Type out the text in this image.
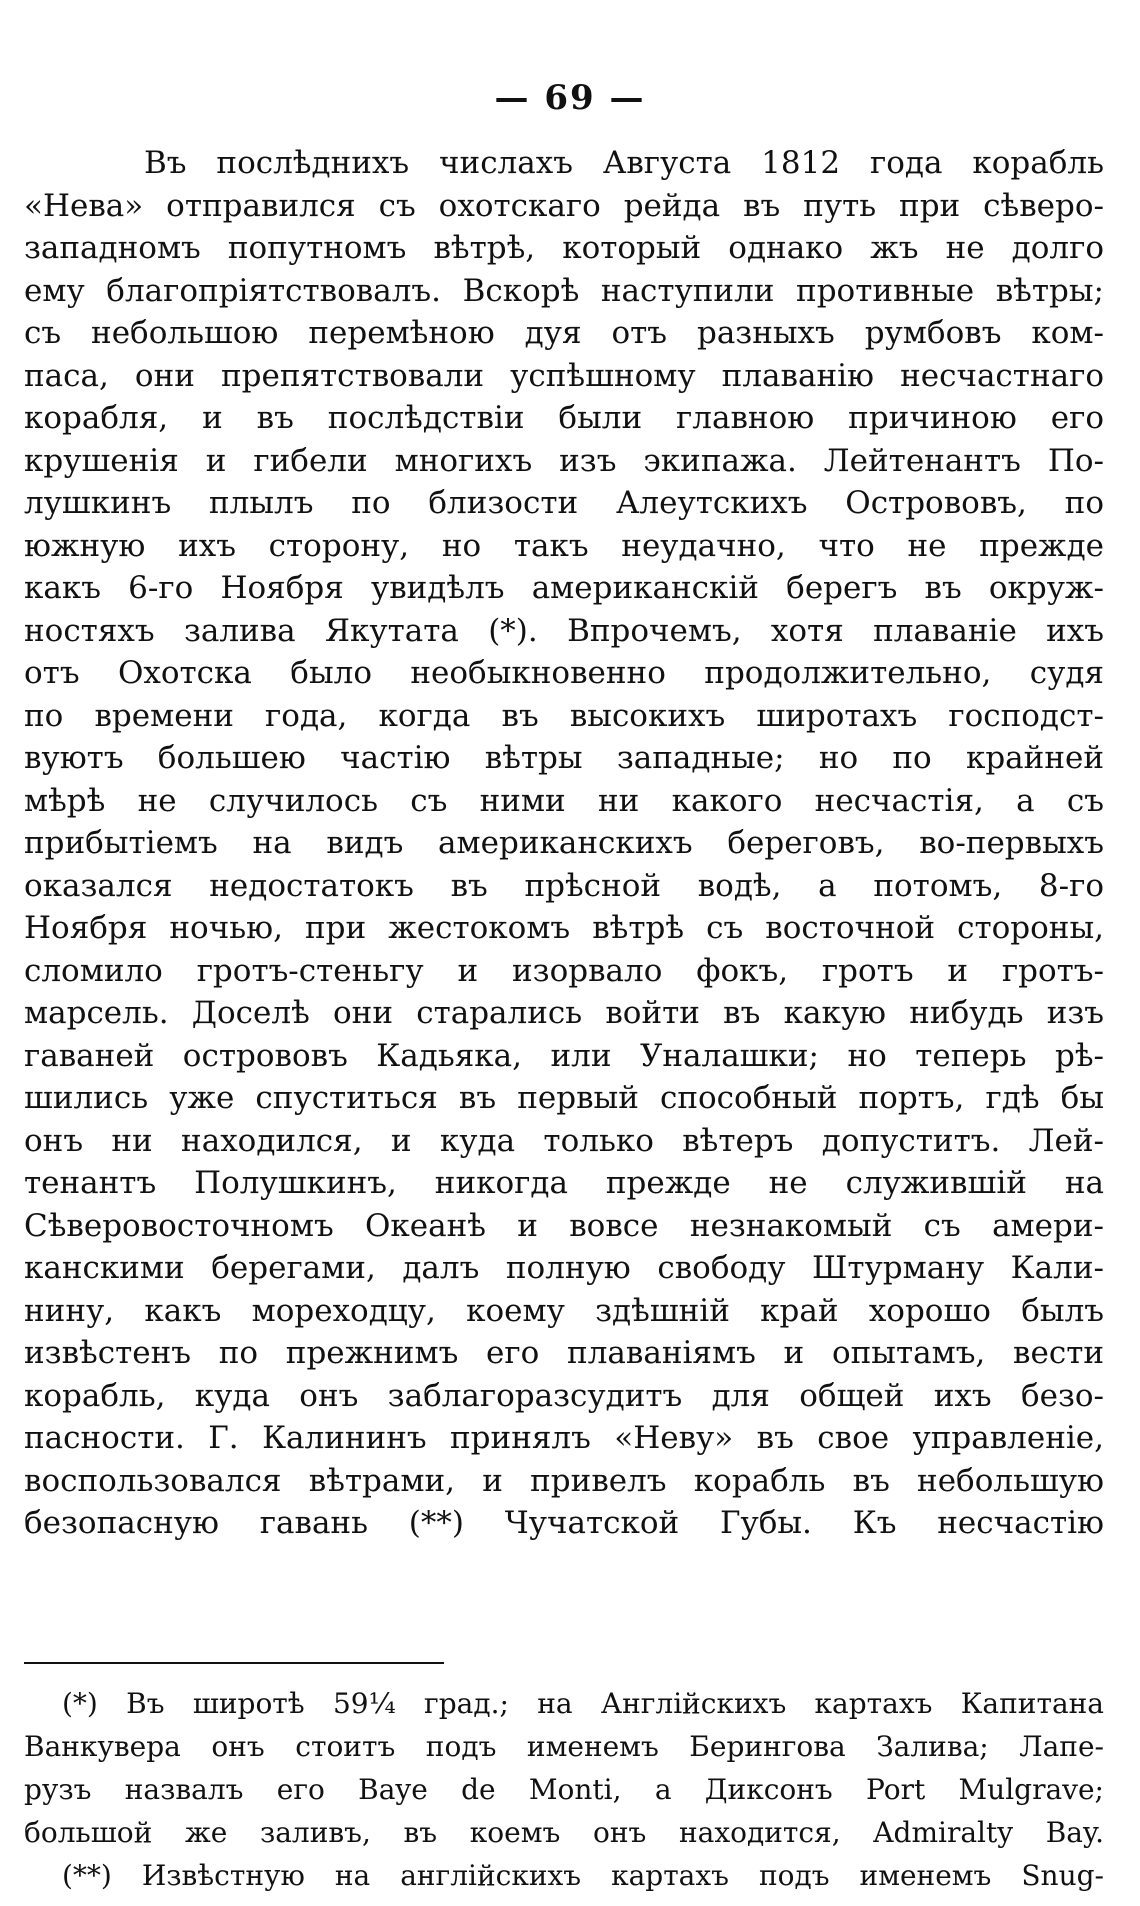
— 69 —
Въ послѣднихъ числахъ Августа 1812 года корабль
«Нева» отправился съ охотскаго рейда въ путь при сѣверо-
западномъ попутномъ вѣтрѣ, который однако жъ не долго
ему благопріятствовалъ. Вскорѣ наступили противные вѣтры;
съ небольшою перемѣною дуя отъ разныхъ румбовъ ком-
паса, они препятствовали успѣшному плаванію несчастнаго
корабля, и въ послѣдствіи были главною причиною его
крушенія и гибели многихъ изъ экипажа. Лейтенантъ По-
лушкинъ плылъ по близости Алеутскихъ Острововъ, по
южную ихъ сторону, но такъ неудачно, что не прежде
какъ 6-го Ноября увидѣлъ американскій берегъ въ окруж-
ностяхъ залива Якутата (*). Впрочемъ, хотя плаваніе ихъ
отъ Охотска было необыкновенно продолжительно, судя
по времени года, когда въ высокихъ широтахъ господст-
вуютъ большею частію вѣтры западные; но по крайней
мѣрѣ не случилось съ ними ни какого несчастія, а съ
прибытіемъ на видъ американскихъ береговъ, во-первыхъ
оказался недостатокъ въ прѣсной водѣ, а потомъ, 8-го
Ноября ночью, при жестокомъ вѣтрѣ съ восточной стороны,
сломило гротъ-стеньгу и изорвало фокъ, гротъ и гротъ-
марсель. Доселѣ они старались войти въ какую нибудь изъ
гаваней острововъ Кадьяка, или Уналашки; но теперь рѣ-
шились уже спуститься въ первый способный портъ, гдѣ бы
онъ ни находился, и куда только вѣтеръ допуститъ. Лей-
тенантъ Полушкинъ, никогда прежде не служившій на
Сѣверовосточномъ Океанѣ и вовсе незнакомый съ амери-
канскими берегами, далъ полную свободу Штурману Кали-
нину, какъ мореходцу, коему здѣшній край хорошо былъ
извѣстенъ по прежнимъ его плаваніямъ и опытамъ, вести
корабль, куда онъ заблагоразсудитъ для общей ихъ безо-
пасности. Г. Калининъ принялъ «Неву» въ свое управленіе,
воспользовался вѣтрами, и привелъ корабль въ небольшую
безопасную гавань (**) Чучатской Губы. Къ несчастію
(*) Въ широтѣ 59¼ град.; на Англійскихъ картахъ Капитана
Ванкувера онъ стоитъ подъ именемъ Берингова Залива; Лапе-
рузъ назвалъ его Baye de Monti, а Диксонъ Port Mulgrave;
большой же заливъ, въ коемъ онъ находится, Admiralty Bay.
(**) Извѣстную на англійскихъ картахъ подъ именемъ Snug-
